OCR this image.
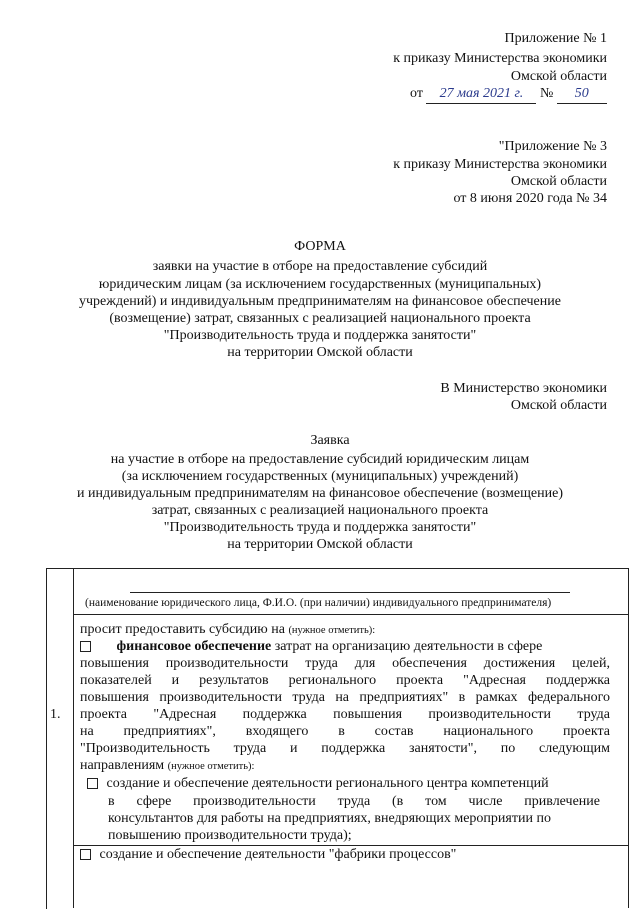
Приложение № 1
к приказу Министерства экономики
Омской области
от 27 мая 2021 г. № 50
"Приложение № 3
к приказу Министерства экономики
Омской области
от 8 июня 2020 года № 34
ФОРМА
заявки на участие в отборе на предоставление субсидий
юридическим лицам (за исключением государственных (муниципальных)
учреждений) и индивидуальным предпринимателям на финансовое обеспечение
(возмещение) затрат, связанных с реализацией национального проекта
"Производительность труда и поддержка занятости"
на территории Омской области
В Министерство экономики
Омской области
Заявка
на участие в отборе на предоставление субсидий юридическим лицам
(за исключением государственных (муниципальных) учреждений)
и индивидуальным предпринимателям на финансовое обеспечение (возмещение)
затрат, связанных с реализацией национального проекта
"Производительность труда и поддержка занятости"
на территории Омской области
1.
(наименование юридического лица, Ф.И.О. (при наличии) индивидуального предпринимателя)
просит предоставить субсидию на (нужное отметить):
финансовое обеспечение затрат на организацию деятельности в сфере
повышения производительности труда для обеспечения достижения целей,
показателей и результатов регионального проекта "Адресная поддержка
повышения производительности труда на предприятиях" в рамках федерального
проекта "Адресная поддержка повышения производительности труда
на предприятиях", входящего в состав национального проекта
"Производительность труда и поддержка занятости", по следующим
направлениям (нужное отметить):
создание и обеспечение деятельности регионального центра компетенций
в сфере производительности труда (в том числе привлечение
консультантов для работы на предприятиях, внедряющих мероприятии по
повышению производительности труда);
создание и обеспечение деятельности "фабрики процессов"
